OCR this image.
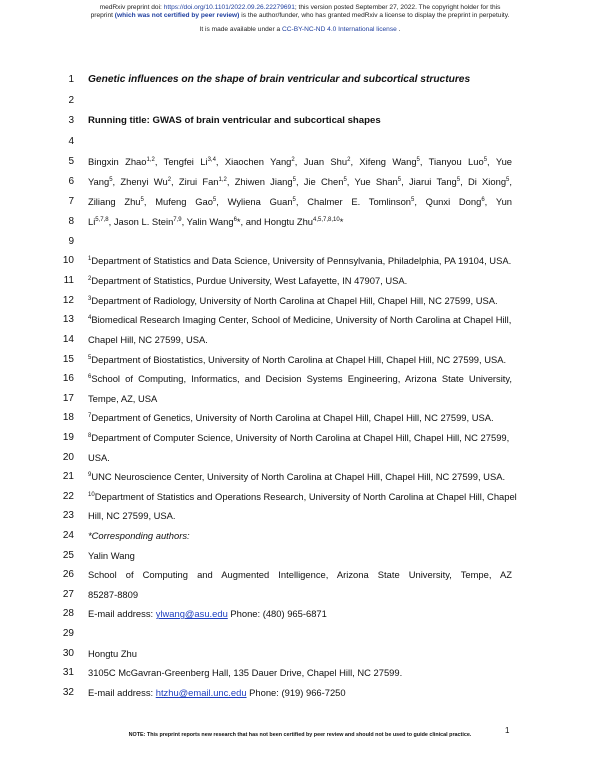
medRxiv preprint doi: https://doi.org/10.1101/2022.09.26.22279691; this version posted September 27, 2022. The copyright holder for this
preprint (which was not certified by peer review) is the author/funder, who has granted medRxiv a license to display the preprint in perpetuity.
It is made available under a CC-BY-NC-ND 4.0 International license .
1
2
3
4
5
6
7
8
9
10
11
12
13
14
15
16
17
18
19
20
21
22
23
24
25
26
27
28
29
30
31
32
Genetic influences on the shape of brain ventricular and subcortical structures
Running title: GWAS of brain ventricular and subcortical shapes
Bingxin Zhao$^{1,2}$, Tengfei Li$^{3,4}$, Xiaochen Yang$^2$, Juan Shu$^2$, Xifeng Wang$^5$, Tianyou Luo$^5$, Yue
Yang$^5$, Zhenyi Wu$^2$, Zirui Fan$^{1,2}$, Zhiwen Jiang$^5$, Jie Chen$^5$, Yue Shan$^5$, Jiarui Tang$^5$, Di Xiong$^5$,
Ziliang Zhu$^5$, Mufeng Gao$^5$, Wyliena Guan$^5$, Chalmer E. Tomlinson$^5$, Qunxi Dong$^6$, Yun
Li$^{5,7,8}$, Jason L. Stein$^{7,9}$, Yalin Wang$^6$*, and Hongtu Zhu$^{4,5,7,8,10}$*
$^1$Department of Statistics and Data Science, University of Pennsylvania, Philadelphia, PA 19104, USA.
$^2$Department of Statistics, Purdue University, West Lafayette, IN 47907, USA.
$^3$Department of Radiology, University of North Carolina at Chapel Hill, Chapel Hill, NC 27599, USA.
$^4$Biomedical Research Imaging Center, School of Medicine, University of North Carolina at Chapel Hill,
Chapel Hill, NC 27599, USA.
$^5$Department of Biostatistics, University of North Carolina at Chapel Hill, Chapel Hill, NC 27599, USA.
$^6$School of Computing, Informatics, and Decision Systems Engineering, Arizona State University,
Tempe, AZ, USA
$^7$Department of Genetics, University of North Carolina at Chapel Hill, Chapel Hill, NC 27599, USA.
$^8$Department of Computer Science, University of North Carolina at Chapel Hill, Chapel Hill, NC 27599,
USA.
$^9$UNC Neuroscience Center, University of North Carolina at Chapel Hill, Chapel Hill, NC 27599, USA.
$^{10}$Department of Statistics and Operations Research, University of North Carolina at Chapel Hill, Chapel
Hill, NC 27599, USA.
*Corresponding authors:
Yalin Wang
School of Computing and Augmented Intelligence, Arizona State University, Tempe, AZ
85287-8809
E-mail address: ylwang@asu.edu Phone: (480) 965-6871
Hongtu Zhu
3105C McGavran-Greenberg Hall, 135 Dauer Drive, Chapel Hill, NC 27599.
E-mail address: htzhu@email.unc.edu Phone: (919) 966-7250
1
NOTE: This preprint reports new research that has not been certified by peer review and should not be used to guide clinical practice.
